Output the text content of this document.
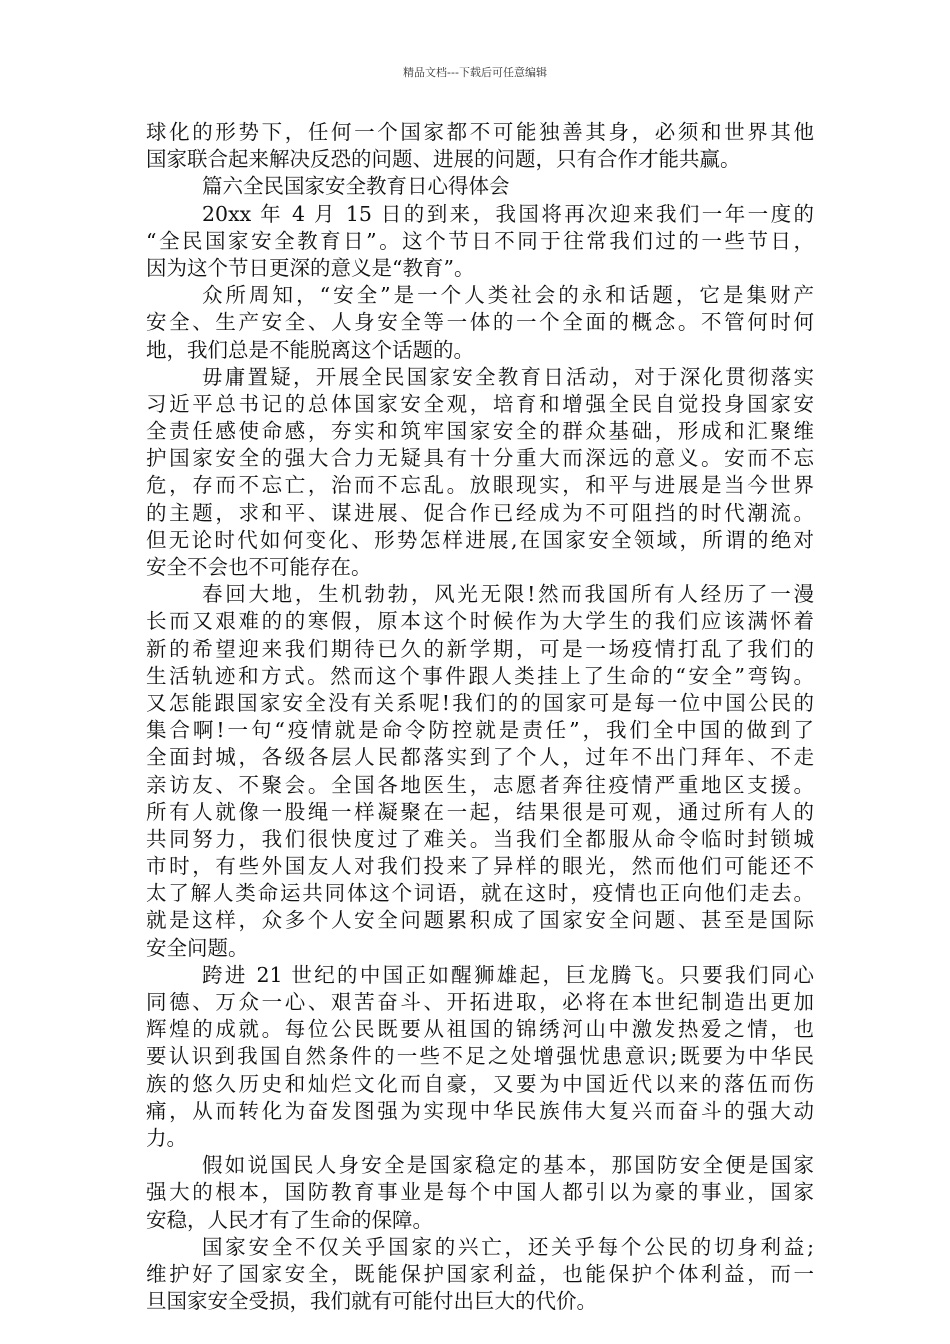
精品文档---下载后可任意编辑
球化的形势下，任何一个国家都不可能独善其身，必须和世界其他
国家联合起来解决反恐的问题、进展的问题，只有合作才能共赢。
篇六全民国家安全教育日心得体会
20xx 年 4 月 15 日的到来，我国将再次迎来我们一年一度的
“全民国家安全教育日”。这个节日不同于往常我们过的一些节日，
因为这个节日更深的意义是“教育”。
众所周知，“安全”是一个人类社会的永和话题，它是集财产
安全、生产安全、人身安全等一体的一个全面的概念。不管何时何
地，我们总是不能脱离这个话题的。
毋庸置疑，开展全民国家安全教育日活动，对于深化贯彻落实
习近平总书记的总体国家安全观，培育和增强全民自觉投身国家安
全责任感使命感，夯实和筑牢国家安全的群众基础，形成和汇聚维
护国家安全的强大合力无疑具有十分重大而深远的意义。安而不忘
危，存而不忘亡，治而不忘乱。放眼现实，和平与进展是当今世界
的主题，求和平、谋进展、促合作已经成为不可阻挡的时代潮流。
但无论时代如何变化、形势怎样进展,在国家安全领域，所谓的绝对
安全不会也不可能存在。
春回大地，生机勃勃，风光无限!然而我国所有人经历了一漫
长而又艰难的的寒假，原本这个时候作为大学生的我们应该满怀着
新的希望迎来我们期待已久的新学期，可是一场疫情打乱了我们的
生活轨迹和方式。然而这个事件跟人类挂上了生命的“安全”弯钩。
又怎能跟国家安全没有关系呢!我们的的国家可是每一位中国公民的
集合啊!一句“疫情就是命令防控就是责任”，我们全中国的做到了
全面封城，各级各层人民都落实到了个人，过年不出门拜年、不走
亲访友、不聚会。全国各地医生，志愿者奔往疫情严重地区支援。
所有人就像一股绳一样凝聚在一起，结果很是可观，通过所有人的
共同努力，我们很快度过了难关。当我们全都服从命令临时封锁城
市时，有些外国友人对我们投来了异样的眼光，然而他们可能还不
太了解人类命运共同体这个词语，就在这时，疫情也正向他们走去。
就是这样，众多个人安全问题累积成了国家安全问题、甚至是国际
安全问题。
跨进 21 世纪的中国正如醒狮雄起，巨龙腾飞。只要我们同心
同德、万众一心、艰苦奋斗、开拓进取，必将在本世纪制造出更加
辉煌的成就。每位公民既要从祖国的锦绣河山中激发热爱之情，也
要认识到我国自然条件的一些不足之处增强忧患意识;既要为中华民
族的悠久历史和灿烂文化而自豪，又要为中国近代以来的落伍而伤
痛，从而转化为奋发图强为实现中华民族伟大复兴而奋斗的强大动
力。
假如说国民人身安全是国家稳定的基本，那国防安全便是国家
强大的根本，国防教育事业是每个中国人都引以为豪的事业，国家
安稳，人民才有了生命的保障。
国家安全不仅关乎国家的兴亡，还关乎每个公民的切身利益;
维护好了国家安全，既能保护国家利益，也能保护个体利益，而一
旦国家安全受损，我们就有可能付出巨大的代价。
